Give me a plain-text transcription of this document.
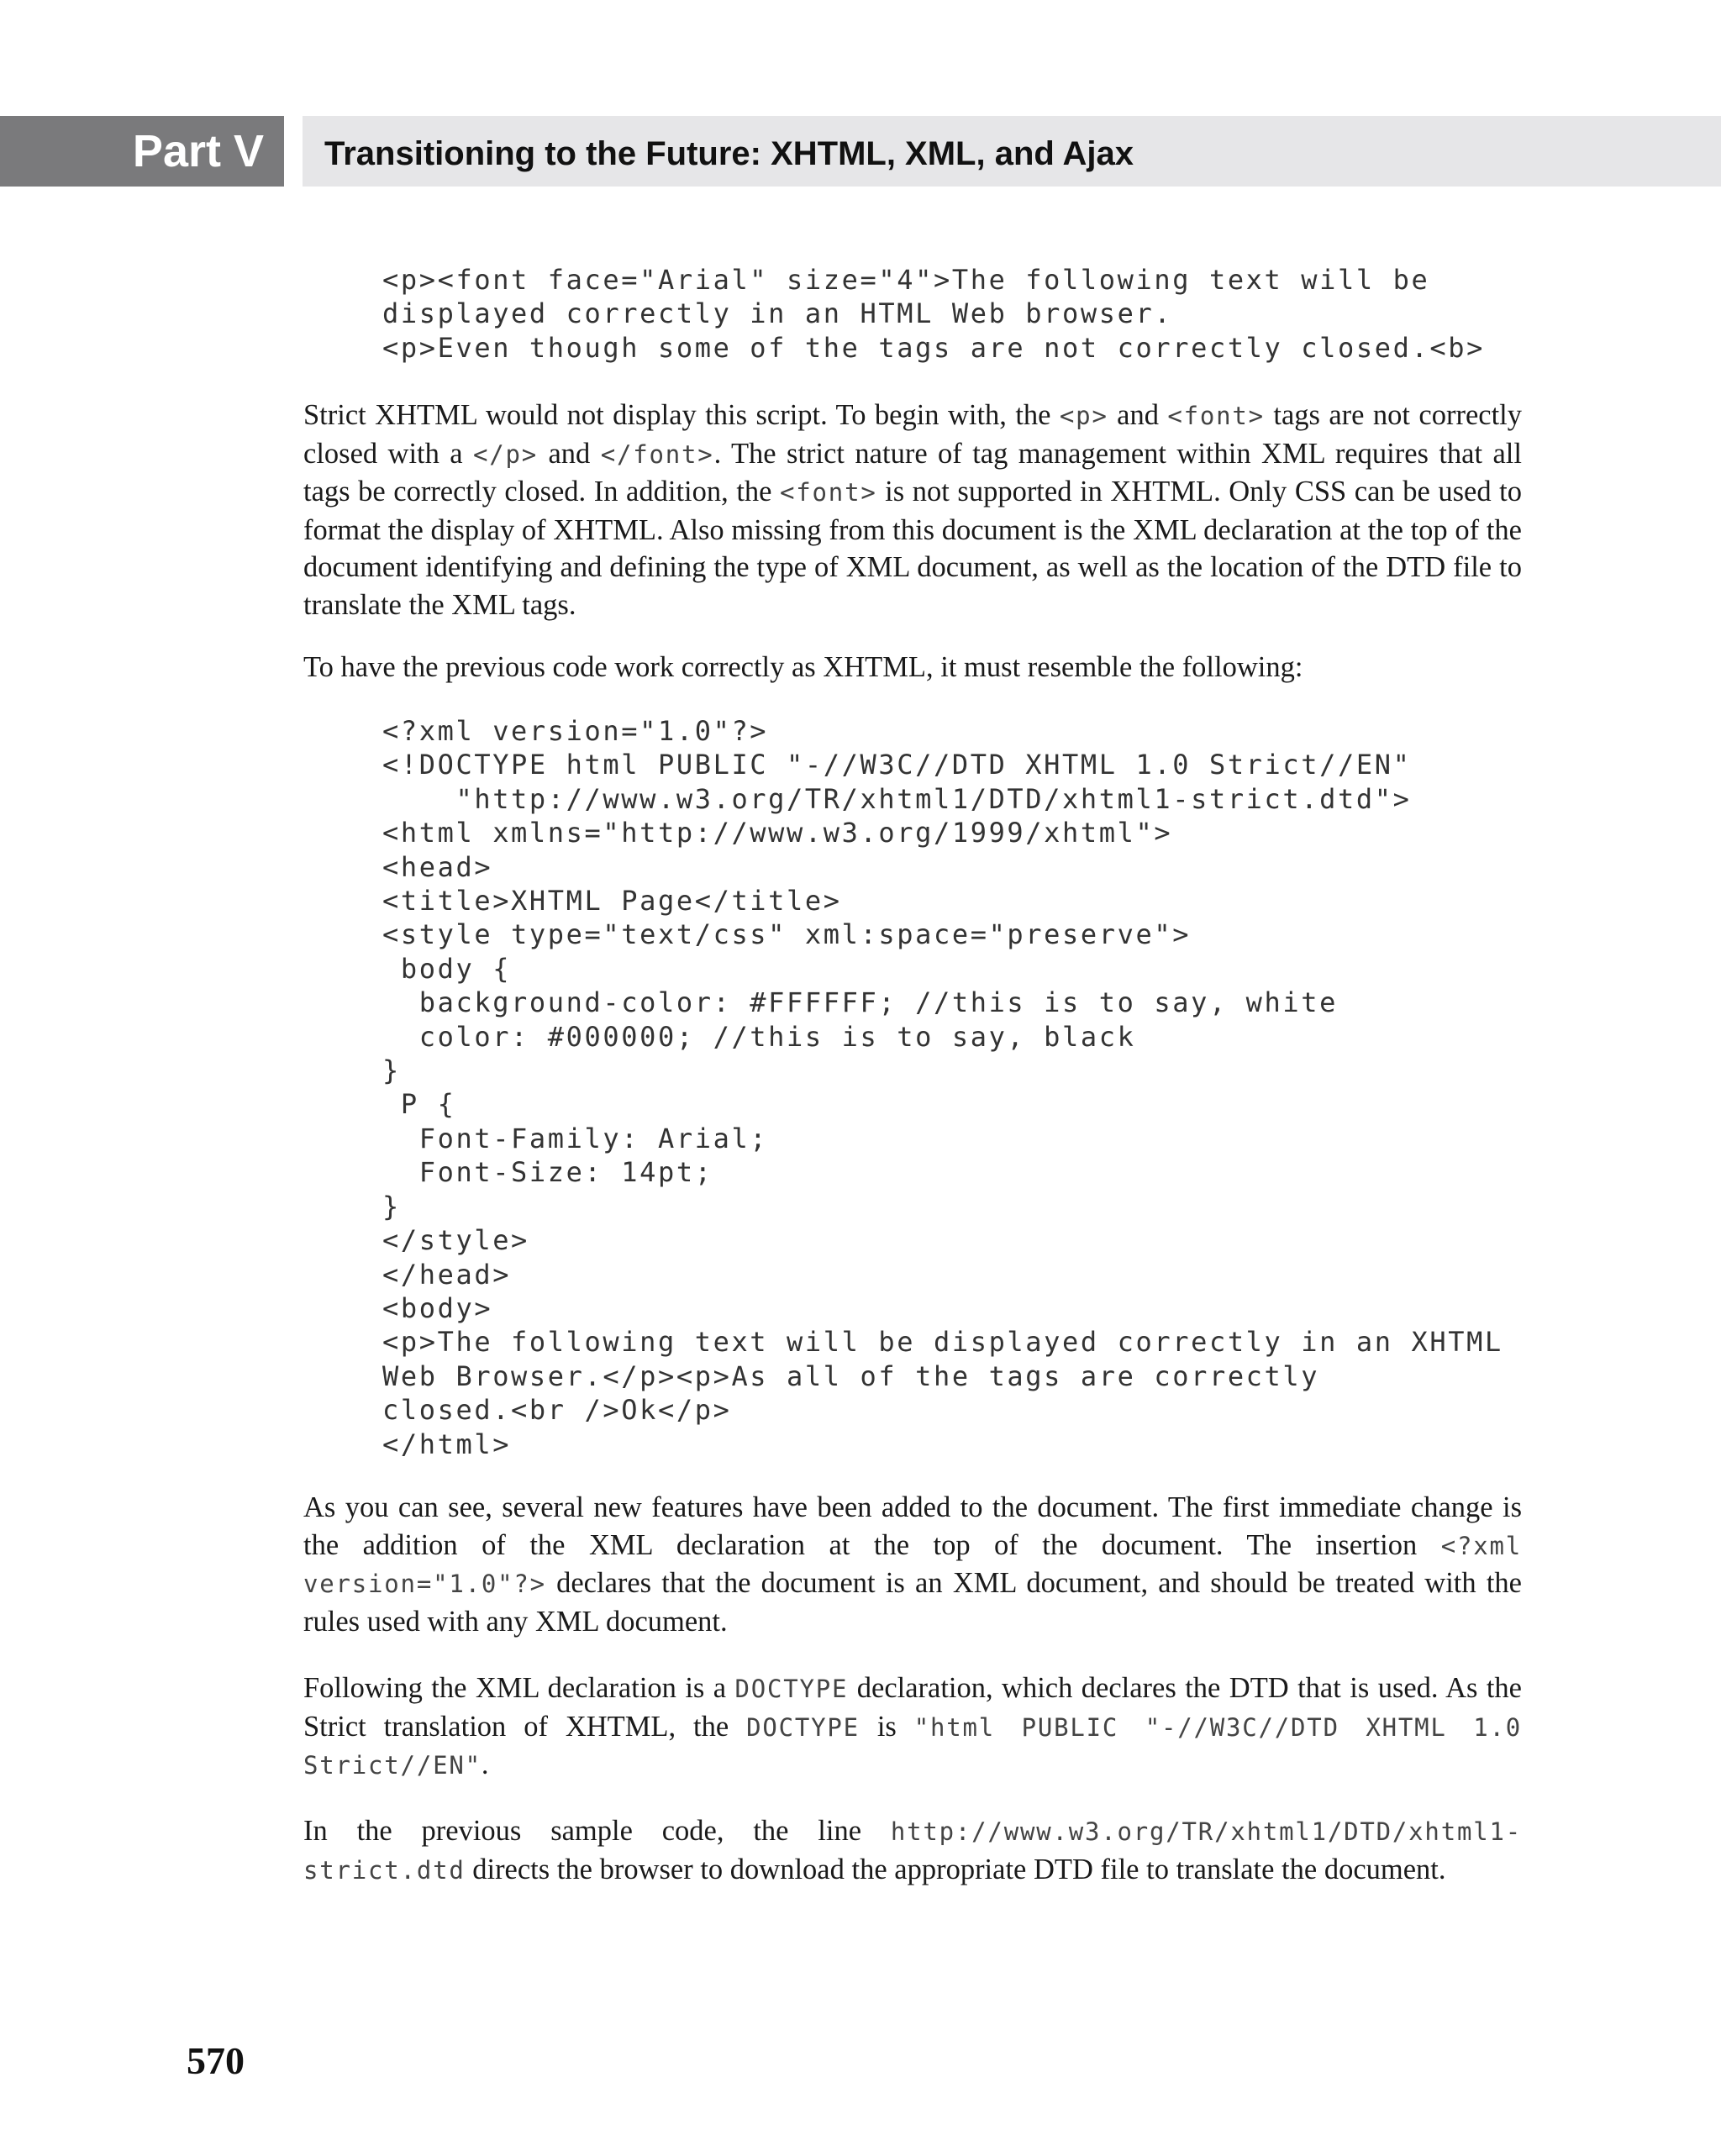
Part V	Transitioning to the Future: XHTML, XML, and Ajax
<p><font face="Arial" size="4">The following text will be
displayed correctly in an HTML Web browser.
<p>Even though some of the tags are not correctly closed.<b>

Strict XHTML would not display this script. To begin with, the <p> and <font> tags are not correctly closed with a </p> and </font>. The strict nature of tag management within XML requires that all tags be correctly closed. In addition, the <font> is not supported in XHTML. Only CSS can be used to format the display of XHTML. Also missing from this document is the XML declaration at the top of the document identifying and defining the type of XML document, as well as the location of the DTD file to translate the XML tags.

To have the previous code work correctly as XHTML, it must resemble the following:

<?xml version="1.0"?>
<!DOCTYPE html PUBLIC "-//W3C//DTD XHTML 1.0 Strict//EN"
"http://www.w3.org/TR/xhtml1/DTD/xhtml1-strict.dtd">
<html xmlns="http://www.w3.org/1999/xhtml">
<head>
<title>XHTML Page</title>
<style type="text/css" xml:space="preserve">
body {
background-color: #FFFFFF; //this is to say, white
color: #000000; //this is to say, black
}
P {
Font-Family: Arial;
Font-Size: 14pt;
}
</style>
</head>
<body>
<p>The following text will be displayed correctly in an XHTML
Web Browser.</p><p>As all of the tags are correctly
closed.<br />Ok</p>
</html>

As you can see, several new features have been added to the document. The first immediate change is the addition of the XML declaration at the top of the document. The insertion <?xml version="1.0"?> declares that the document is an XML document, and should be treated with the rules used with any XML document.

Following the XML declaration is a DOCTYPE declaration, which declares the DTD that is used. As the Strict translation of XHTML, the DOCTYPE is "html PUBLIC "-//W3C//DTD XHTML 1.0 Strict//EN".

In the previous sample code, the line http://www.w3.org/TR/xhtml1/DTD/xhtml1-strict.dtd directs the browser to download the appropriate DTD file to translate the document.

570
